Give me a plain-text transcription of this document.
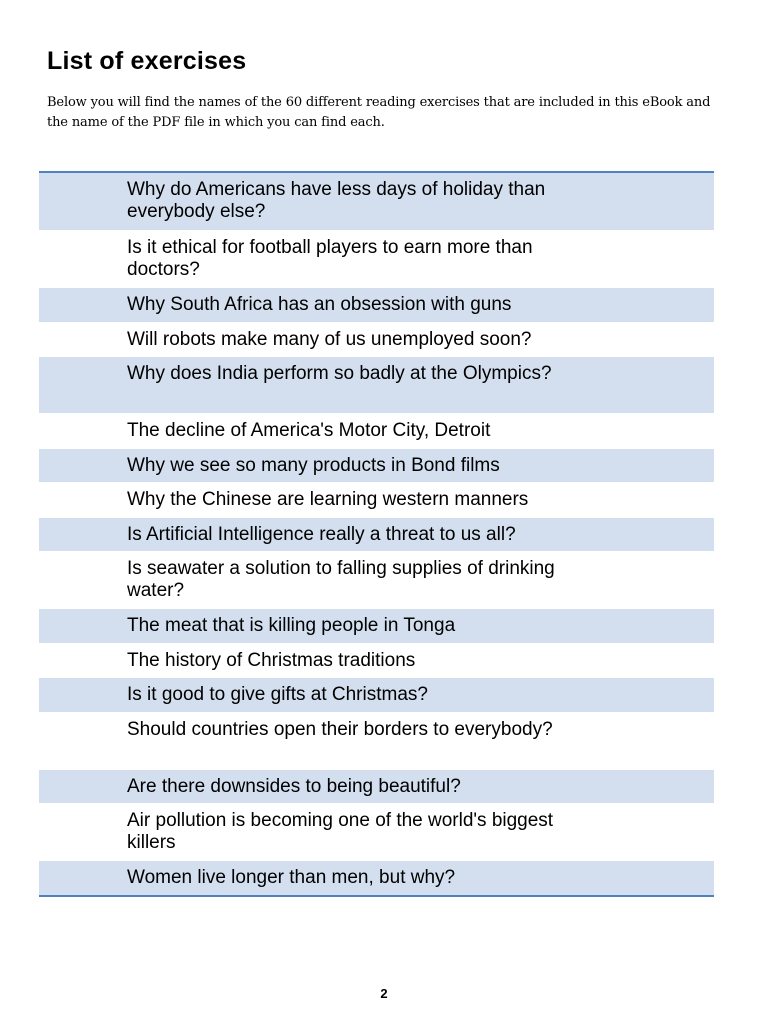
List of exercises

Below you will find the names of the 60 different reading exercises that are included in this eBook and the name of the PDF file in which you can find each.

Why do Americans have less days of holiday than everybody else?
Is it ethical for football players to earn more than doctors?
Why South Africa has an obsession with guns
Will robots make many of us unemployed soon?
Why does India perform so badly at the Olympics?
The decline of America's Motor City, Detroit
Why we see so many products in Bond films
Why the Chinese are learning western manners
Is Artificial Intelligence really a threat to us all?
Is seawater a solution to falling supplies of drinking water?
The meat that is killing people in Tonga
The history of Christmas traditions
Is it good to give gifts at Christmas?
Should countries open their borders to everybody?
Are there downsides to being beautiful?
Air pollution is becoming one of the world's biggest killers
Women live longer than men, but why?
2
